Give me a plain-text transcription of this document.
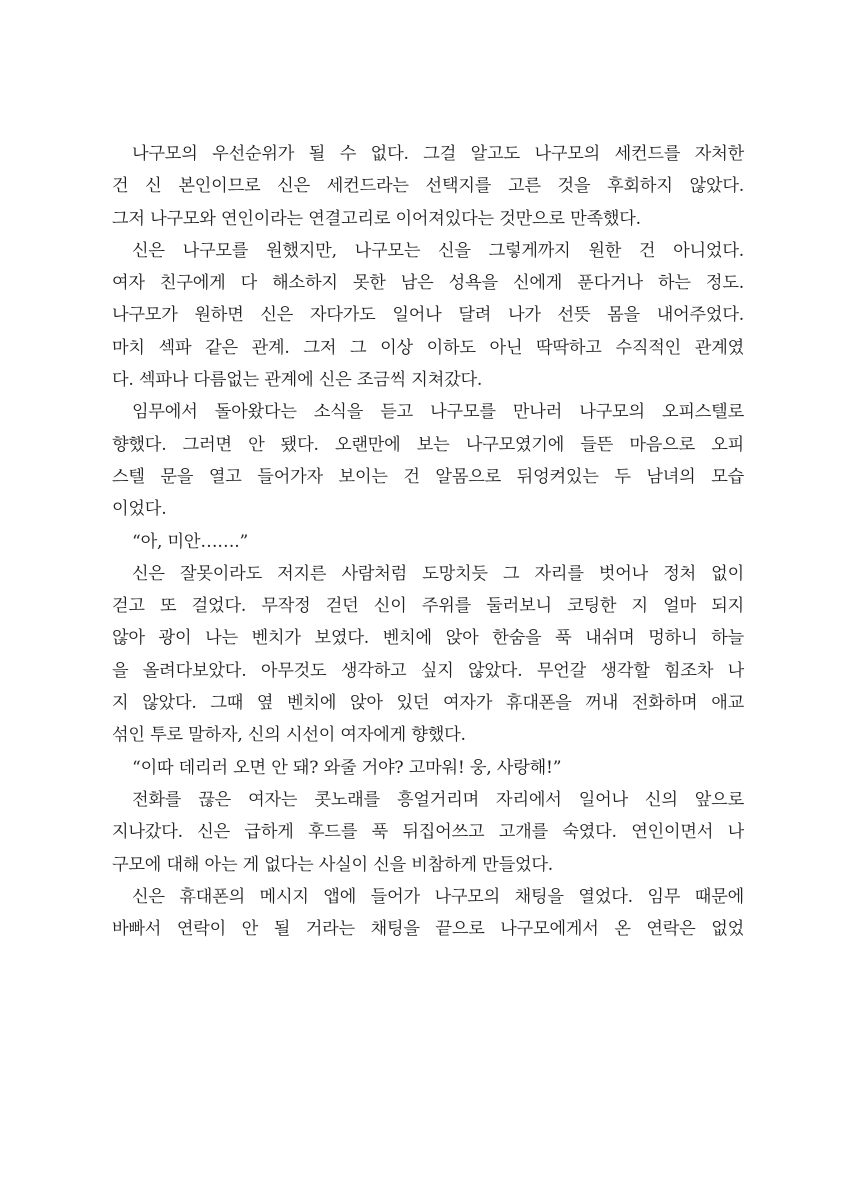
나구모의 우선순위가 될 수 없다. 그걸 알고도 나구모의 세컨드를 자처한
건 신 본인이므로 신은 세컨드라는 선택지를 고른 것을 후회하지 않았다.
그저 나구모와 연인이라는 연결고리로 이어져있다는 것만으로 만족했다.
신은 나구모를 원했지만, 나구모는 신을 그렇게까지 원한 건 아니었다.
여자 친구에게 다 해소하지 못한 남은 성욕을 신에게 푼다거나 하는 정도.
나구모가 원하면 신은 자다가도 일어나 달려 나가 선뜻 몸을 내어주었다.
마치 섹파 같은 관계. 그저 그 이상 이하도 아닌 딱딱하고 수직적인 관계였
다. 섹파나 다름없는 관계에 신은 조금씩 지쳐갔다.
임무에서 돌아왔다는 소식을 듣고 나구모를 만나러 나구모의 오피스텔로
향했다. 그러면 안 됐다. 오랜만에 보는 나구모였기에 들뜬 마음으로 오피
스텔 문을 열고 들어가자 보이는 건 알몸으로 뒤엉켜있는 두 남녀의 모습
이었다.
“아, 미안…….”
신은 잘못이라도 저지른 사람처럼 도망치듯 그 자리를 벗어나 정처 없이
걷고 또 걸었다. 무작정 걷던 신이 주위를 둘러보니 코팅한 지 얼마 되지
않아 광이 나는 벤치가 보였다. 벤치에 앉아 한숨을 푹 내쉬며 멍하니 하늘
을 올려다보았다. 아무것도 생각하고 싶지 않았다. 무언갈 생각할 힘조차 나
지 않았다. 그때 옆 벤치에 앉아 있던 여자가 휴대폰을 꺼내 전화하며 애교
섞인 투로 말하자, 신의 시선이 여자에게 향했다.
“이따 데리러 오면 안 돼? 와줄 거야? 고마워! 웅, 사랑해!”
전화를 끊은 여자는 콧노래를 흥얼거리며 자리에서 일어나 신의 앞으로
지나갔다. 신은 급하게 후드를 푹 뒤집어쓰고 고개를 숙였다. 연인이면서 나
구모에 대해 아는 게 없다는 사실이 신을 비참하게 만들었다.
신은 휴대폰의 메시지 앱에 들어가 나구모의 채팅을 열었다. 임무 때문에
바빠서 연락이 안 될 거라는 채팅을 끝으로 나구모에게서 온 연락은 없었
